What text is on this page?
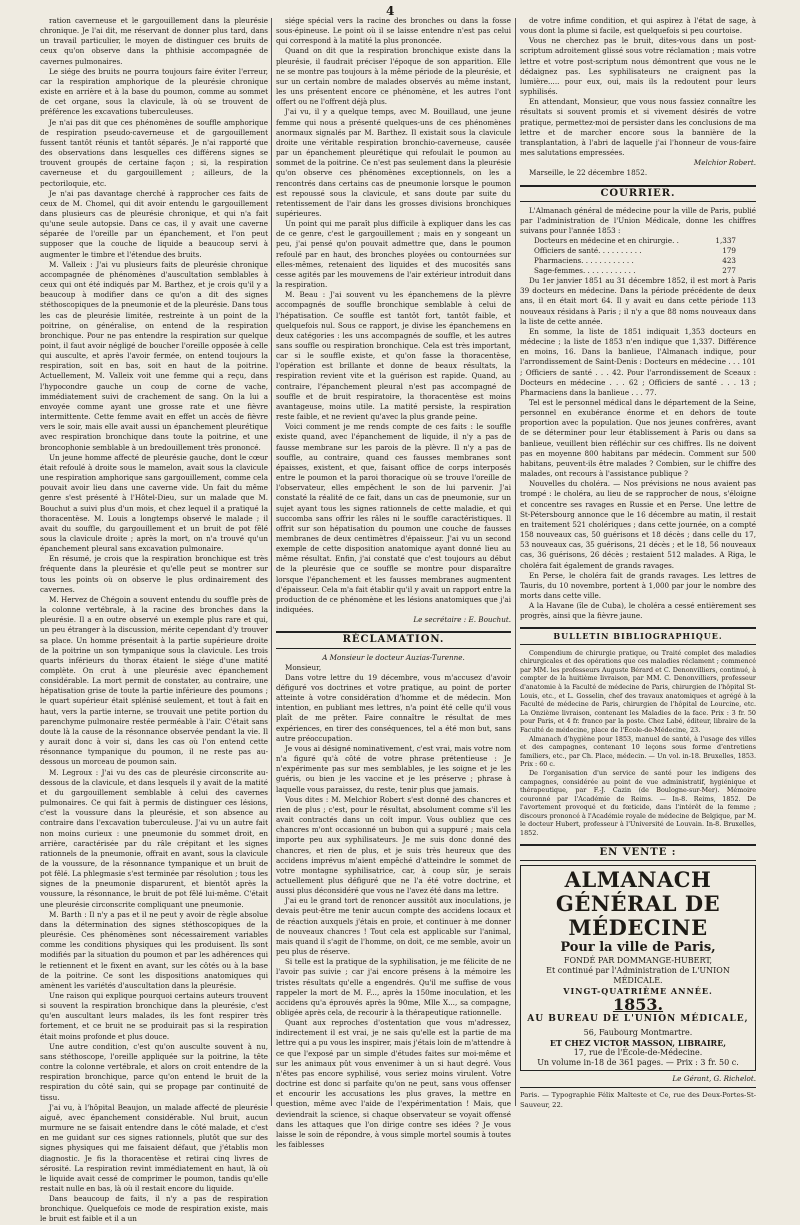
4

ration caverneuse et le gargouillement dans la pleurésie chronique. Je l'ai dit, me réservant de donner plus tard, dans un travail particulier, le moyen de distinguer ces bruits de ceux qu'on observe dans la phthisie accompagnée de cavernes pulmonaires.

Le siége des bruits ne pourra toujours faire éviter l'erreur, car la respiration amphorique de la pleurésie chronique existe en arrière et à la base du poumon, comme au sommet de cet organe, sous la clavicule, là où se trouvent de préférence les excavations tuberculeuses.

Je n'ai pas dit que ces phénomènes de souffle amphorique de respiration pseudo-caverneuse et de gargouillement fussent tantôt réunis et tantôt séparés. Je n'ai rapporté que des observations dans lesquelles ces différens signes se trouvent groupés de certaine façon ; si, la respiration caverneuse et du gargouillement ; ailleurs, de la pectoriloquie, etc.

Je n'ai pas davantage cherché à rapprocher ces faits de ceux de M. Chomel, qui dit avoir entendu le gargouillement dans plusieurs cas de pleurésie chronique, et qui n'a fait qu'une seule autopsie. Dans ce cas, il y avait une caverne séparée de l'oreille par un épanchement, et l'on peut supposer que la couche de liquide a beaucoup servi à augmenter le timbre et l'étendue des bruits.

M. Valleix : J'ai vu plusieurs faits de pleurésie chronique accompagnée de phénomènes d'auscultation semblables à ceux qui ont été indiqués par M. Barthez, et je crois qu'il y a beaucoup à modifier dans ce qu'on a dit des signes stéthoscopiques de la pneumonie et de la pleurésie. Dans tous les cas de pleurésie limitée, restreinte à un point de la poitrine, on généralise, on entend de la respiration bronchique. Pour ne pas entendre la respiration sur quelque point, il faut avoir négligé de boucher l'oreille opposée à celle qui ausculte, et après l'avoir fermée, on entend toujours la respiration, soit en bas, soit en haut de la poitrine. Actuellement, M. Valleix voit une femme qui a reçu, dans l'hypocondre gauche un coup de corne de vache, immédiatement suivi de crachement de sang. On la lui a envoyée comme ayant une grosse rate et une fièvre intermittente. Cette femme avait en effet un accès de fièvre vers le soir, mais elle avait aussi un épanchement pleurétique avec respiration bronchique dans toute la poitrine, et une broncophonie semblable à un bredouillement très prononcé.

Un jeune homme affecté de pleurésie gauche, dont le cœur était refoulé à droite sous le mamelon, avait sous la clavicule une respiration amphorique sans gargouillement, comme cela pouvait avoir lieu dans une caverne vide. Un fait du même genre s'est présenté à l'Hôtel-Dieu, sur un malade que M. Bouchut a suivi plus d'un mois, et chez lequel il a pratiqué la thoracentèse. M. Louis a longtemps observé le malade ; il avait du souffle, du gargouillement et un bruit de pot fêlé sous la clavicule droite ; après la mort, on n'a trouvé qu'un épanchement pleural sans excavation pulmonaire.

En résumé, je crois que la respiration bronchique est très fréquente dans la pleurésie et qu'elle peut se montrer sur tous les points où on observe le plus ordinairement des cavernes.

M. Hervez de Chégoin a souvent entendu du souffle près de la colonne vertébrale, à la racine des bronches dans la pleurésie. Il a en outre observé un exemple plus rare et qui, un peu étranger à la discussion, mérite cependant d'y trouver sa place. Un homme présentait à la partie supérieure droite de la poitrine un son tympanique sous la clavicule. Les trois quarts inférieurs du thorax étaient le siége d'une matité complète. On crut à une pleurésie avec épanchement considérable. La mort permit de constater, au contraire, une hépatisation grise de toute la partie inférieure des poumons ; le quart supérieur était splénisé seulement, et tout à fait en haut, vers la partie interne, se trouvait une petite portion du parenchyme pulmonaire restée perméable à l'air. C'était sans doute là la cause de la résonnance observée pendant la vie. Il y aurait donc à voir si, dans les cas où l'on entend cette résonnance tympanique du poumon, il ne reste pas au-dessous un morceau de poumon sain.

M. Legroux : J'ai vu des cas de pleurésie circonscrite au-dessous de la clavicule, et dans lesquels il y avait de la matité et du gargouillement semblable à celui des cavernes pulmonaires. Ce qui fait à permis de distinguer ces lésions, c'est la voussure dans la pleurésie, et son absence au contraire dans l'excavation tuberculeuse. J'ai vu un autre fait non moins curieux : une pneumonie du sommet droit, en arrière, caractérisée par du râle crépitant et les signes rationnels de la pneumonie, offrait en avant, sous la clavicule de la voussure, de la résonnance tympanique et un bruit de pot fêlé. La phlegmasie s'est terminée par résolution ; tous les signes de la pneumonie disparurent, et bientôt après la voussure, la résonnance, le bruit de pot fêlé lui-même. C'était une pleurésie circonscrite compliquant une pneumonie.

M. Barth : Il n'y a pas et il ne peut y avoir de règle absolue dans la détermination des signes stéthoscopiques de la pleurésie. Ces phénomènes sont nécessairement variables comme les conditions physiques qui les produisent. Ils sont modifiés par la situation du poumon et par les adhérences qui le retiennent et le fixent en avant, sur les côtés ou à la base de la poitrine. Ce sont les dispositions anatomiques qui amènent les variétés d'auscultation dans la pleurésie.

Une raison qui explique pourquoi certains auteurs trouvent si souvent la respiration bronchique dans la pleurésie, c'est qu'en auscultant leurs malades, ils les font respirer très fortement, et ce bruit ne se produirait pas si la respiration était moins profonde et plus douce.

Une autre condition, c'est qu'on ausculte souvent à nu, sans stéthoscope, l'oreille appliquée sur la poitrine, la tête contre la colonne vertébrale, et alors on croit entendre de la respiration bronchique, parce qu'on entend le bruit de la respiration du côté sain, qui se propage par continuité de tissu.

J'ai vu, à l'hôpital Beaujon, un malade affecté de pleurésie aiguë, avec épanchement considérable. Nul bruit, aucun murmure ne se faisait entendre dans le côté malade, et c'est en me guidant sur ces signes rationnels, plutôt que sur des signes physiques qui me faisaient défaut, que j'établis mon diagnostic. Je fis la thoracentèse et retirai cinq livres de sérosité. La respiration revint immédiatement en haut, là où le liquide avait cessé de comprimer le poumon, tandis qu'elle restait nulle en bas, là où il restait encore du liquide.

Dans beaucoup de faits, il n'y a pas de respiration bronchique. Quelquefois ce mode de respiration existe, mais le bruit est faible et il a un

siége spécial vers la racine des bronches ou dans la fosse sous-épineuse. Le point où il se laisse entendre n'est pas celui qui correspond à la matité la plus prononcée.

Quand on dit que la respiration bronchique existe dans la pleurésie, il faudrait préciser l'époque de son apparition. Elle ne se montre pas toujours à la même période de la pleurésie, et sur un certain nombre de malades observés au même instant, les uns présentent encore ce phénomène, et les autres l'ont offert ou ne l'offrent déjà plus.

J'ai vu, il y a quelque temps, avec M. Bouillaud, une jeune femme qui nous a présenté quelques-uns de ces phénomènes anormaux signalés par M. Barthez. Il existait sous la clavicule droite une véritable respiration bronchio-caverneuse, causée par un épanchement pleurétique qui refoulait le poumon au sommet de la poitrine. Ce n'est pas seulement dans la pleurésie qu'on observe ces phénomènes exceptionnels, on les a rencontrés dans certains cas de pneumonie lorsque le poumon est repoussé sous la clavicule, et sans doute par suite du retentissement de l'air dans les grosses divisions bronchiques supérieures.

Un point qui me paraît plus difficile à expliquer dans les cas de ce genre, c'est le gargouillement ; mais en y songeant un peu, j'ai pensé qu'on pouvait admettre que, dans le poumon refoulé par en haut, des bronches ployées ou contournées sur elles-mêmes, retenaient des liquides et des mucosités sans cesse agités par les mouvemens de l'air extérieur introduit dans la respiration.

M. Beau : J'ai souvent vu les épanchemens de la plèvre accompagnés de souffle bronchique semblable à celui de l'hépatisation. Ce souffle est tantôt fort, tantôt faible, et quelquefois nul. Sous ce rapport, je divise les épanchemens en deux catégories : les uns accompagnés de souffle, et les autres sans souffle ou respiration bronchique. Cela est très important, car si le souffle existe, et qu'on fasse la thoracentèse, l'opération est brillante et donne de beaux résultats, la respiration revient vite et la guérison est rapide. Quand, au contraire, l'épanchement pleural n'est pas accompagné de souffle et de bruit respiratoire, la thoracentèse est moins avantageuse, moins utile. La matité persiste, la respiration reste faible, et ne revient qu'avec la plus grande peine.

Voici comment je me rends compte de ces faits : le souffle existe quand, avec l'épanchement de liquide, il n'y a pas de fausse membrane sur les parois de la plèvre. Il n'y a pas de souffle, au contraire, quand ces fausses membranes sont épaisses, existent, et que, faisant office de corps interposés entre le poumon et la paroi thoracique où se trouve l'oreille de l'observateur, elles empêchent le son de lui parvenir. J'ai constaté la réalité de ce fait, dans un cas de pneumonie, sur un sujet ayant tous les signes rationnels de cette maladie, et qui succomba sans offrir les râles ni le souffle caractéristiques. Il offrit sur son hépatisation du poumon une couche de fausses membranes de deux centimètres d'épaisseur. J'ai vu un second exemple de cette disposition anatomique ayant donné lieu au même résultat. Enfin, j'ai constaté que c'est toujours au début de la pleurésie que ce souffle se montre pour disparaître lorsque l'épanchement et les fausses membranes augmentent d'épaisseur. Cela m'a fait établir qu'il y avait un rapport entre la production de ce phénomène et les lésions anatomiques que j'ai indiquées.

Le secrétaire : E. Bouchut.

RÉCLAMATION.

A Monsieur le docteur Auzias-Turenne.

Monsieur,

Dans votre lettre du 19 décembre, vous m'accusez d'avoir défiguré vos doctrines et votre pratique, au point de porter atteinte à votre considération d'homme et de médecin. Mon intention, en publiant mes lettres, n'a point été celle qu'il vous plaît de me prêter. Faire connaître le résultat de mes expériences, en tirer des conséquences, tel a été mon but, sans autre préoccupation.

Je vous ai désigné nominativement, c'est vrai, mais votre nom n'a figuré qu'à côté de votre phrase prétentieuse : Je n'expérimente pas sur mes semblables, je les soigne et je les guéris, ou bien je les vaccine et je les préserve ; phrase à laquelle vous paraissez, du reste, tenir plus que jamais.

Vous dites : M. Melchior Robert s'est donné des chancres et rien de plus ; c'est, pour le résultat, absolument comme s'il les avait contractés dans un coït impur. Vous oubliez que ces chancres m'ont occasionné un bubon qui a suppuré ; mais cela importe peu aux syphilisateurs. Je me suis donc donné des chancres, et rien de plus, et je suis très heureux que des accidens imprévus m'aient empêché d'atteindre le sommet de votre montagne syphilisatrice, car, à coup sûr, je serais actuellement plus défiguré que ne l'a été votre doctrine, et aussi plus déconsidéré que vous ne l'avez été dans ma lettre.

J'ai eu le grand tort de renoncer aussitôt aux inoculations, je devais peut-être me tenir aucun compte des accidens locaux et de réaction auxquels j'étais en proie, et continuer à me donner de nouveaux chancres ! Tout cela est applicable sur l'animal, mais quand il s'agit de l'homme, on doit, ce me semble, avoir un peu plus de réserve.

Si telle est la pratique de la syphilisation, je me félicite de ne l'avoir pas suivie ; car j'ai encore présens à la mémoire les tristes résultats qu'elle a engendrés. Qu'il me suffise de vous rappeler la mort de M. F..., après la 150me inoculation, et les accidens qu'a éprouvés après la 90me, Mlle X..., sa compagne, obligée après cela, de recourir à la thérapeutique rationnelle.

Quant aux reproches d'ostentation que vous m'adressez, indirectement il est vrai, je ne sais qu'elle est la partie de ma lettre qui a pu vous les inspirer, mais j'étais loin de m'attendre à ce que l'exposé par un simple d'études faites sur moi-même et sur les animaux pût vous envenimer à un si haut degré. Vous n'êtes pas encore syphilisé, vous seriez moins virulent. Votre doctrine est donc si parfaite qu'on ne peut, sans vous offenser et encourir les accusations les plus graves, la mettre en question, même avec l'aide de l'expérimentation ! Mais, que deviendrait la science, si chaque observateur se voyait offensé dans les attaques que l'on dirige contre ses idées ? Je vous laisse le soin de répondre, à vous simple mortel soumis à toutes les faiblesses

de votre infime condition, et qui aspirez à l'état de sage, à vous dont la plume si facile, est quelquefois si peu courtoise.

Vous ne cherchez pas le bruit, dites-vous dans un post-scriptum adroitement glissé sous votre réclamation ; mais votre lettre et votre post-scriptum nous démontrent que vous ne le dédaignez pas. Les syphilisateurs ne craignent pas la lumière..... pour eux, oui, mais ils la redoutent pour leurs syphilisés.

En attendant, Monsieur, que vous nous fassiez connaître les résultats si souvent promis et si vivement désirés de votre pratique, permettez-moi de persister dans les conclusions de ma lettre et de marcher encore sous la bannière de la transplantation, à l'abri de laquelle j'ai l'honneur de vous-faire mes salutations empressées.

Melchior Robert.

Marseille, le 22 décembre 1852.

COURRIER.

L'Almanach général de médecine pour la ville de Paris, publié par l'administration de l'Union Médicale, donne les chiffres suivans pour l'année 1853 :

Docteurs en médecine et en chirurgie. .	1,337
Officiers de santé. . . . . . . . . .	179
Pharmaciens. . . . . . . . . . . .	423
Sage-femmes. . . . . . . . . . . .	277

Du 1er janvier 1851 au 31 décembre 1852, il est mort à Paris 39 docteurs en médecine. Dans la période précédente de deux ans, il en était mort 64. Il y avait eu dans cette période 113 nouveaux résidans à Paris ; il n'y a que 88 noms nouveaux dans la liste de cette année.

En somme, la liste de 1851 indiquait 1,353 docteurs en médecine ; la liste de 1853 n'en indique que 1,337. Différence en moins, 16. Dans la banlieue, l'Almanach indique, pour l'arrondissement de Saint-Denis : Docteurs en médecine . . . 101 ; Officiers de santé . . . 42. Pour l'arrondissement de Sceaux : Docteurs en médecine . . . 62 ; Officiers de santé . . . 13 ; Pharmaciens dans la banlieue . . . 77.

Tel est le personnel médical dans le département de la Seine, personnel en exubérance énorme et en dehors de toute proportion avec la population. Que nos jeunes confrères, avant de se déterminer pour leur établissement à Paris ou dans sa banlieue, veuillent bien réfléchir sur ces chiffres. Ils ne doivent pas en moyenne 800 habitans par médecin. Comment sur 500 habitans, peuvent-ils être malades ? Combien, sur le chiffre des malades, ont recours à l'assistance publique ?

Nouvelles du choléra. — Nos prévisions ne nous avaient pas trompé : le choléra, au lieu de se rapprocher de nous, s'éloigne et concentre ses ravages en Russie et en Perse. Une lettre de St-Pétersbourg annonce que le 16 décembre au matin, il restait en traitement 521 cholériques ; dans cette journée, on a compté 158 nouveaux cas, 50 guérisons et 18 décès ; dans celle du 17, 53 nouveaux cas, 35 guérisons, 21 décès ; et le 18, 56 nouveaux cas, 36 guérisons, 26 décès ; restaient 512 malades. A Riga, le choléra fait également de grands ravages.

En Perse, le choléra fait de grands ravages. Les lettres de Tauris, du 10 novembre, portent à 1,000 par jour le nombre des morts dans cette ville.

A la Havane (île de Cuba), le choléra a cessé entièrement ses progrès, ainsi que la fièvre jaune.

BULLETIN BIBLIOGRAPHIQUE.

Compendium de chirurgie pratique, ou Traité complet des maladies chirurgicales et des opérations que ces maladies réclament ; commencé par MM. les professeurs Auguste Bérard et C. Denonvilliers, continué, à compter de la huitième livraison, par MM. C. Denonvilliers, professeur d'anatomie à la Faculté de médecine de Paris, chirurgien de l'hôpital St-Louis, etc., et L. Gosselin, chef des travaux anatomiques et agrégé à la Faculté de médecine de Paris, chirurgien de l'hôpital de Lourcine, etc. La Onzième livraison, contenant les Maladies de la face. Prix : 3 fr. 50 pour Paris, et 4 fr. franco par la poste. Chez Labé, éditeur, libraire de la Faculté de médecine, place de l'École-de-Médecine, 23.

Almanach d'hygiène pour 1853, manuel de santé, à l'usage des villes et des campagnes, contenant 10 leçons sous forme d'entretiens familiers, etc., par Ch. Place, médecin. — Un vol. in-18. Bruxelles, 1853. Prix : 60 c.

De l'organisation d'un service de santé pour les indigens des campagnes, considérée au point de vue administratif, hygiénique et thérapeutique, par F.-J. Cazin (de Boulogne-sur-Mer). Mémoire couronné par l'Académie de Reims. — In-8. Reims, 1852. De l'avortement provoqué et du fœticide, dans l'intérêt de la femme ; discours prononcé à l'Académie royale de médecine de Belgique, par M. le docteur Hubert, professeur à l'Université de Louvain. In-8. Bruxelles, 1852.

EN VENTE :
ALMANACH GÉNÉRAL DE MÉDECINE
Pour la ville de Paris,
FONDÉ PAR DOMMANGE-HUBERT,
Et continué par l'Administration de L'UNION MÉDICALE.
VINGT-QUATRIÈME ANNÉE.
1853.
AU BUREAU DE L'UNION MÉDICALE,
56, Faubourg Montmartre.
ET CHEZ VICTOR MASSON, LIBRAIRE,
17, rue de l'École-de-Médecine.
Un volume in-18 de 361 pages. — Prix : 3 fr. 50 c.

Le Gérant, G. Richelot.

Paris. — Typographie Félix Malteste et Ce, rue des Deux-Portes-St-Sauveur, 22.
